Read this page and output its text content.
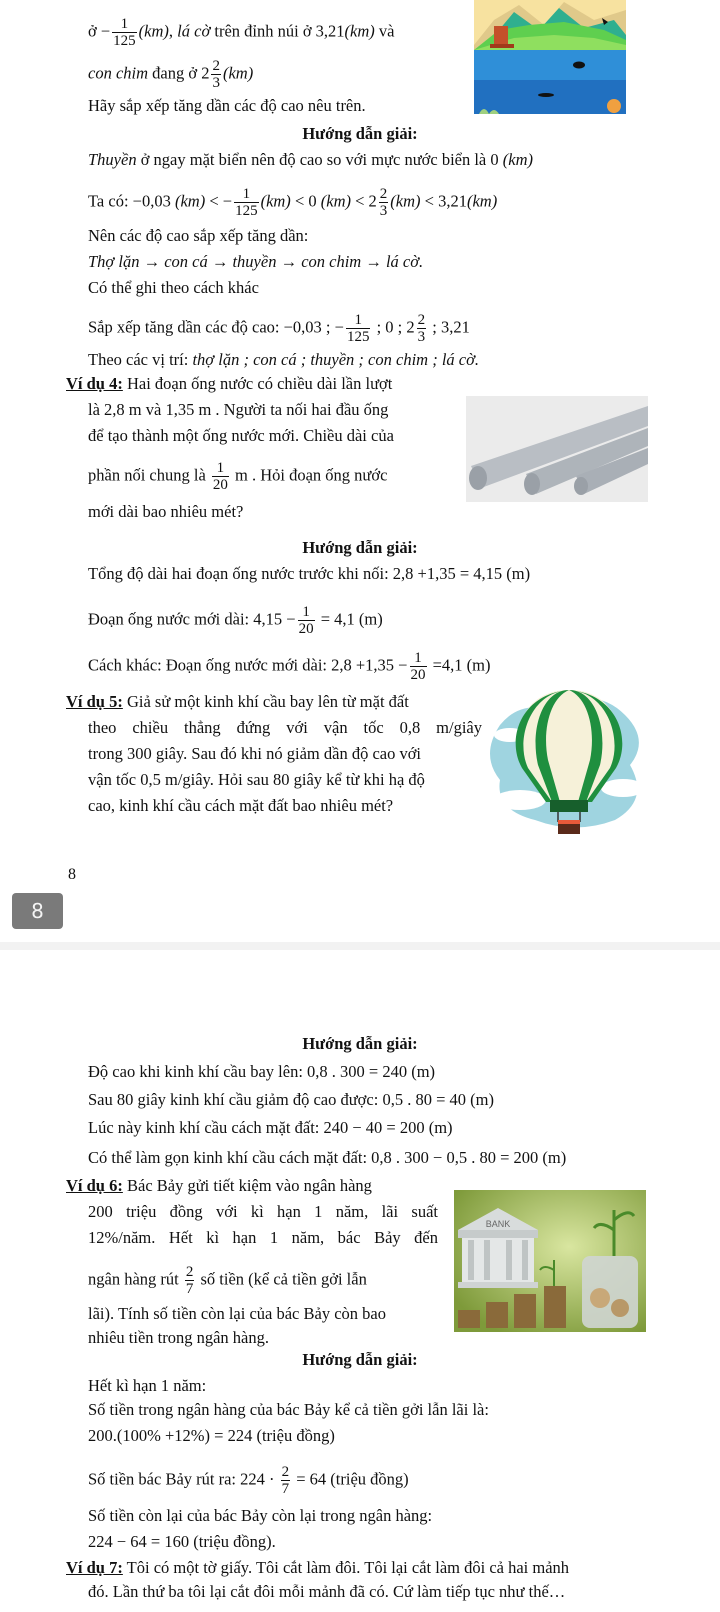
ở − $\frac{1}{125} (km)$, lá cờ trên đỉnh núi ở 3,21(km) và
con chim đang ở $2 \frac{2}{3} (km)$
Hãy sắp xếp tăng dần các độ cao nêu trên.
Hướng dẫn giải:
Thuyền ở ngay mặt biển nên độ cao so với mực nước biển là 0 (km)
Ta có: −0,03 (km) < − $\frac{1}{125} (km) < 0$ $(km) < 2 \frac{2}{3} (km) < 3,21(km)$
Nên các độ cao sắp xếp tăng dần:
Thợ lặn → con cá → thuyền → con chim → lá cờ.
Có thể ghi theo cách khác
Sắp xếp tăng dần các độ cao: −0,03 ; − $\frac{1}{125}$ ; 0 ; $2 \frac{2}{3}$ ; 3,21
Theo các vị trí: thợ lặn ; con cá ; thuyền ; con chim ; lá cờ.
Ví dụ 4: Hai đoạn ống nước có chiều dài lần lượt
là 2,8 m và 1,35 m . Người ta nối hai đầu ống
để tạo thành một ống nước mới. Chiều dài của
phần nối chung là $\frac{1}{20}$ m . Hỏi đoạn ống nước
mới dài bao nhiêu mét?
Hướng dẫn giải:
Tổng độ dài hai đoạn ống nước trước khi nối: 2,8 +1,35 = 4,15 (m)
Đoạn ống nước mới dài: $4,15 - \frac{1}{20} = 4,1$ (m)
Cách khác: Đoạn ống nước mới dài: $2,8 +1,35 - \frac{1}{20} =4,1$ (m)
Ví dụ 5: Giả sử một kinh khí cầu bay lên từ mặt đất
theo chiều thẳng đứng với vận tốc 0,8 m/giây
trong 300 giây. Sau đó khi nó giảm dần độ cao với
vận tốc 0,5 m/giây. Hỏi sau 80 giây kể từ khi hạ độ
cao, kinh khí cầu cách mặt đất bao nhiêu mét?
8
8
Hướng dẫn giải:
Độ cao khi kinh khí cầu bay lên: 0,8 . 300 = 240 (m)
Sau 80 giây kinh khí cầu giảm độ cao được: 0,5 . 80 = 40 (m)
Lúc này kinh khí cầu cách mặt đất: 240 − 40 = 200 (m)
Có thể làm gọn kinh khí cầu cách mặt đất: 0,8 . 300 − 0,5 . 80 = 200 (m)
Ví dụ 6: Bác Bảy gửi tiết kiệm vào ngân hàng
200 triệu đồng với kì hạn 1 năm, lãi suất
12%/năm. Hết kì hạn 1 năm, bác Bảy đến
ngân hàng rút $\frac{2}{7}$ số tiền (kể cả tiền gởi lẫn
lãi). Tính số tiền còn lại của bác Bảy còn bao
nhiêu tiền trong ngân hàng.
BANK
Hướng dẫn giải:
Hết kì hạn 1 năm:
Số tiền trong ngân hàng của bác Bảy kể cả tiền gởi lẫn lãi là:
200.(100% +12%) = 224 (triệu đồng)
Số tiền bác Bảy rút ra: $224 \cdot \frac{2}{7} = 64$ (triệu đồng)
Số tiền còn lại của bác Bảy còn lại trong ngân hàng:
224 − 64 = 160 (triệu đồng).
Ví dụ 7: Tôi có một tờ giấy. Tôi cắt làm đôi. Tôi lại cắt làm đôi cả hai mảnh
đó. Lần thứ ba tôi lại cắt đôi mỗi mảnh đã có. Cứ làm tiếp tục như thế…
